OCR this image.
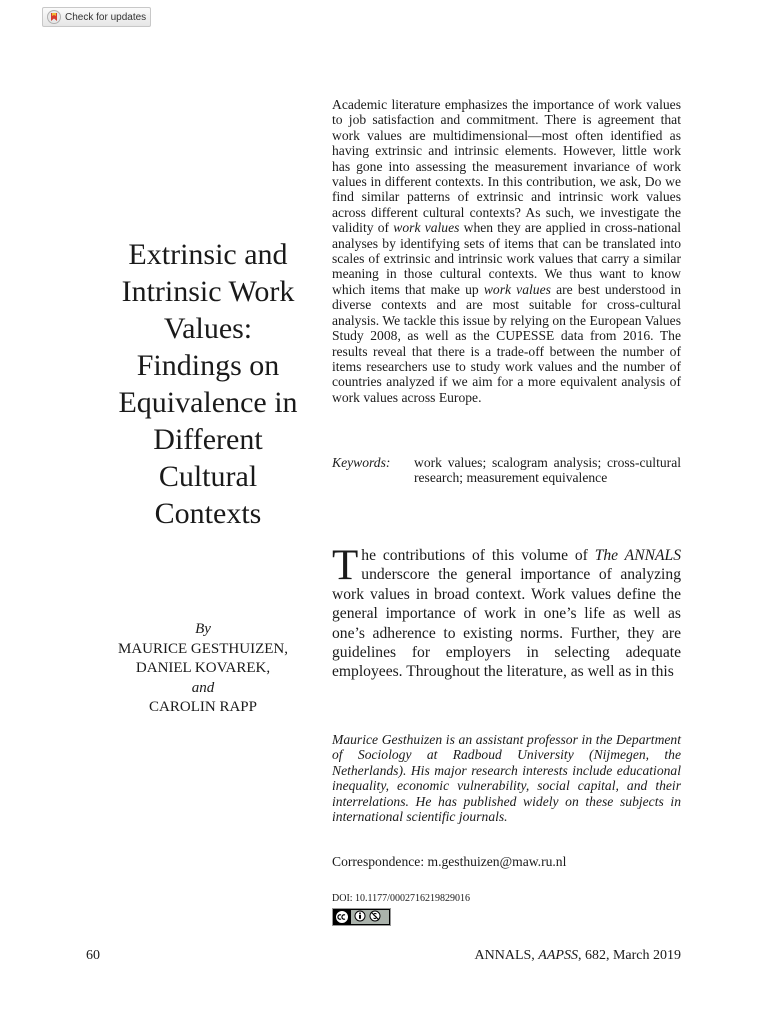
Check for updates
Extrinsic and
Intrinsic Work
Values:
Findings on
Equivalence in
Different
Cultural
Contexts
By
MAURICE GESTHUIZEN,
DANIEL KOVAREK,
and
CAROLIN RAPP

Academic literature emphasizes the importance of work values to job satisfaction and commitment. There is agreement that work values are multidimensional—most often identified as having extrinsic and intrinsic elements. However, little work has gone into assessing the measurement invariance of work values in different contexts. In this contribution, we ask, Do we find similar patterns of extrinsic and intrinsic work values across different cultural contexts? As such, we investigate the validity of work values when they are applied in cross-national analyses by identifying sets of items that can be translated into scales of extrinsic and intrinsic work values that carry a similar meaning in those cultural contexts. We thus want to know which items that make up work values are best understood in diverse contexts and are most suitable for cross-cultural analysis. We tackle this issue by relying on the European Values Study 2008, as well as the CUPESSE data from 2016. The results reveal that there is a trade-off between the number of items researchers use to study work values and the number of countries analyzed if we aim for a more equivalent analysis of work values across Europe.

Keywords:	work values; scalogram analysis; cross-cultural research; measurement equivalence

The contributions of this volume of The ANNALS underscore the general importance of analyzing work values in broad context. Work values define the general importance of work in one’s life as well as one’s adherence to existing norms. Further, they are guidelines for employers in selecting adequate employees. Throughout the literature, as well as in this

Maurice Gesthuizen is an assistant professor in the Department of Sociology at Radboud University (Nijmegen, the Netherlands). His major research interests include educational inequality, economic vulnerability, social capital, and their interrelations. He has published widely on these subjects in international scientific journals.

Correspondence: m.gesthuizen@maw.ru.nl
DOI: 10.1177/0002716219829016
60	ANNALS, AAPSS, 682, March 2019
